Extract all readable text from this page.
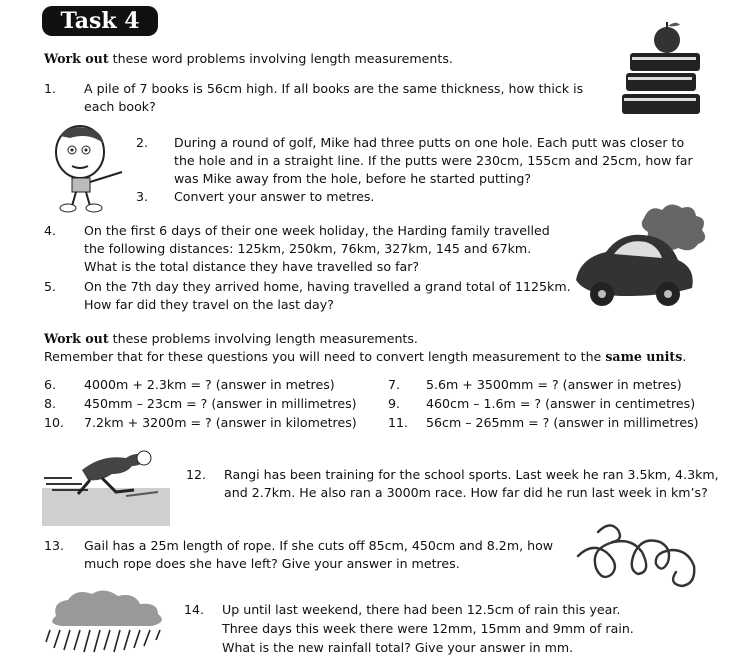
Task 4
Work out these word problems involving length measurements.
1. A pile of 7 books is 56cm high. If all books are the same thickness, how thick is
each book?
2. During a round of golf, Mike had three putts on one hole. Each putt was closer to
the hole and in a straight line. If the putts were 230cm, 155cm and 25cm, how far
was Mike away from the hole, before he started putting?
3. Convert your answer to metres.
4. On the first 6 days of their one week holiday, the Harding family travelled
the following distances: 125km, 250km, 76km, 327km, 145 and 67km.
What is the total distance they have travelled so far?
5. On the 7th day they arrived home, having travelled a grand total of 1125km.
How far did they travel on the last day?
Work out these problems involving length measurements.
Remember that for these questions you will need to convert length measurement to the same units.
6. 4000m + 2.3km = ? (answer in metres)	7. 5.6m + 3500mm = ? (answer in metres)
8. 450mm – 23cm = ? (answer in millimetres) 9. 460cm – 1.6m = ? (answer in centimetres)
10. 7.2km + 3200m = ? (answer in kilometres) 11. 56cm – 265mm = ? (answer in millimetres)
12. Rangi has been training for the school sports. Last week he ran 3.5km, 4.3km,
and 2.7km. He also ran a 3000m race. How far did he run last week in km’s?
13. Gail has a 25m length of rope. If she cuts off 85cm, 450cm and 8.2m, how
much rope does she have left? Give your answer in metres.
14. Up until last weekend, there had been 12.5cm of rain this year.
Three days this week there were 12mm, 15mm and 9mm of rain.
What is the new rainfall total? Give your answer in mm.
